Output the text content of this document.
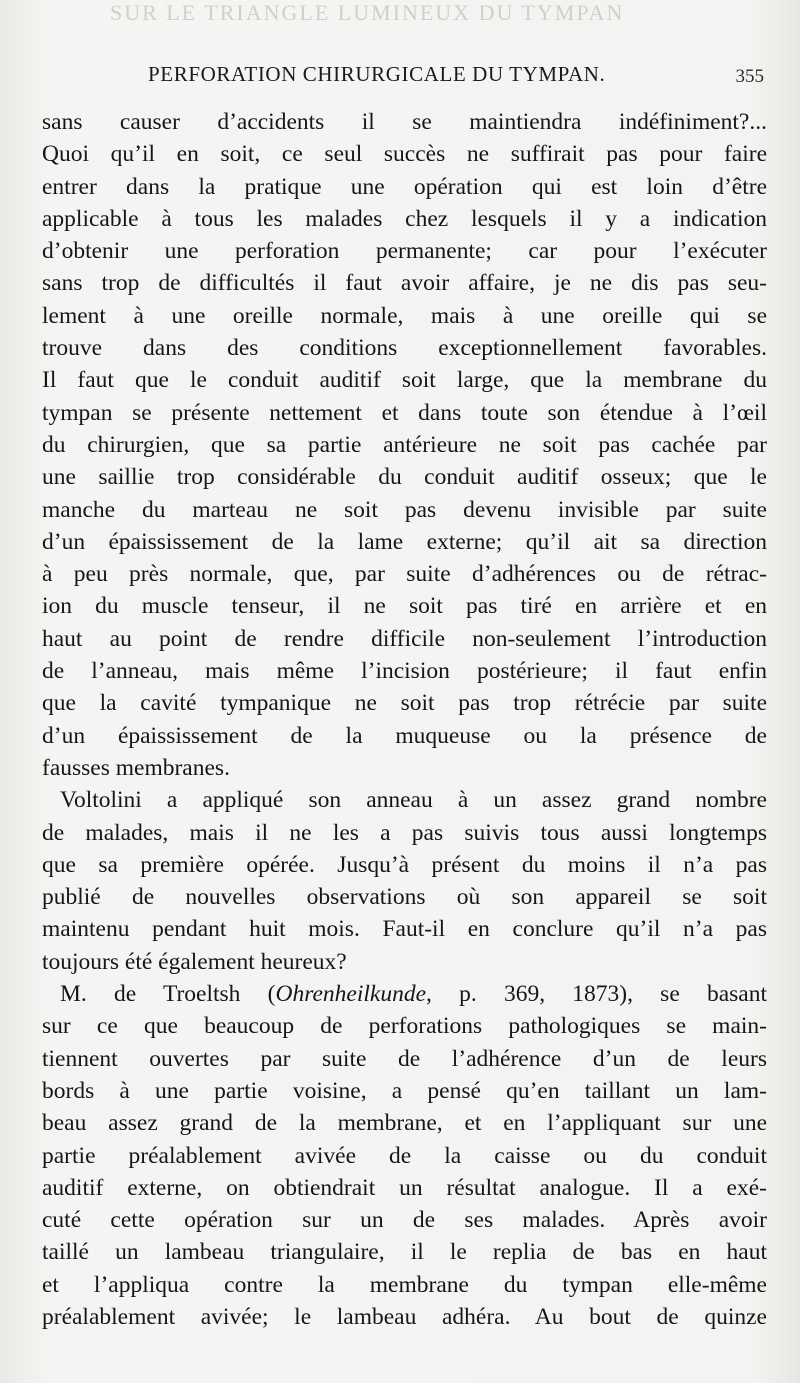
SUR LE TRIANGLE LUMINEUX DU TYMPAN
PERFORATION CHIRURGICALE DU TYMPAN.	355
sans causer d’accidents il se maintiendra indéfiniment?...
Quoi qu’il en soit, ce seul succès ne suffirait pas pour faire
entrer dans la pratique une opération qui est loin d’être
applicable à tous les malades chez lesquels il y a indication
d’obtenir une perforation permanente; car pour l’exécuter
sans trop de difficultés il faut avoir affaire, je ne dis pas seu-
lement à une oreille normale, mais à une oreille qui se
trouve dans des conditions exceptionnellement favorables.
Il faut que le conduit auditif soit large, que la membrane du
tympan se présente nettement et dans toute son étendue à l’œil
du chirurgien, que sa partie antérieure ne soit pas cachée par
une saillie trop considérable du conduit auditif osseux; que le
manche du marteau ne soit pas devenu invisible par suite
d’un épaississement de la lame externe; qu’il ait sa direction
à peu près normale, que, par suite d’adhérences ou de rétrac-
ion du muscle tenseur, il ne soit pas tiré en arrière et en
haut au point de rendre difficile non-seulement l’introduction
de l’anneau, mais même l’incision postérieure; il faut enfin
que la cavité tympanique ne soit pas trop rétrécie par suite
d’un épaississement de la muqueuse ou la présence de
fausses membranes.
Voltolini a appliqué son anneau à un assez grand nombre
de malades, mais il ne les a pas suivis tous aussi longtemps
que sa première opérée. Jusqu’à présent du moins il n’a pas
publié de nouvelles observations où son appareil se soit
maintenu pendant huit mois. Faut-il en conclure qu’il n’a pas
toujours été également heureux?
M. de Troeltsh (Ohrenheilkunde, p. 369, 1873), se basant
sur ce que beaucoup de perforations pathologiques se main-
tiennent ouvertes par suite de l’adhérence d’un de leurs
bords à une partie voisine, a pensé qu’en taillant un lam-
beau assez grand de la membrane, et en l’appliquant sur une
partie préalablement avivée de la caisse ou du conduit
auditif externe, on obtiendrait un résultat analogue. Il a exé-
cuté cette opération sur un de ses malades. Après avoir
taillé un lambeau triangulaire, il le replia de bas en haut
et l’appliqua contre la membrane du tympan elle-même
préalablement avivée; le lambeau adhéra. Au bout de quinze
